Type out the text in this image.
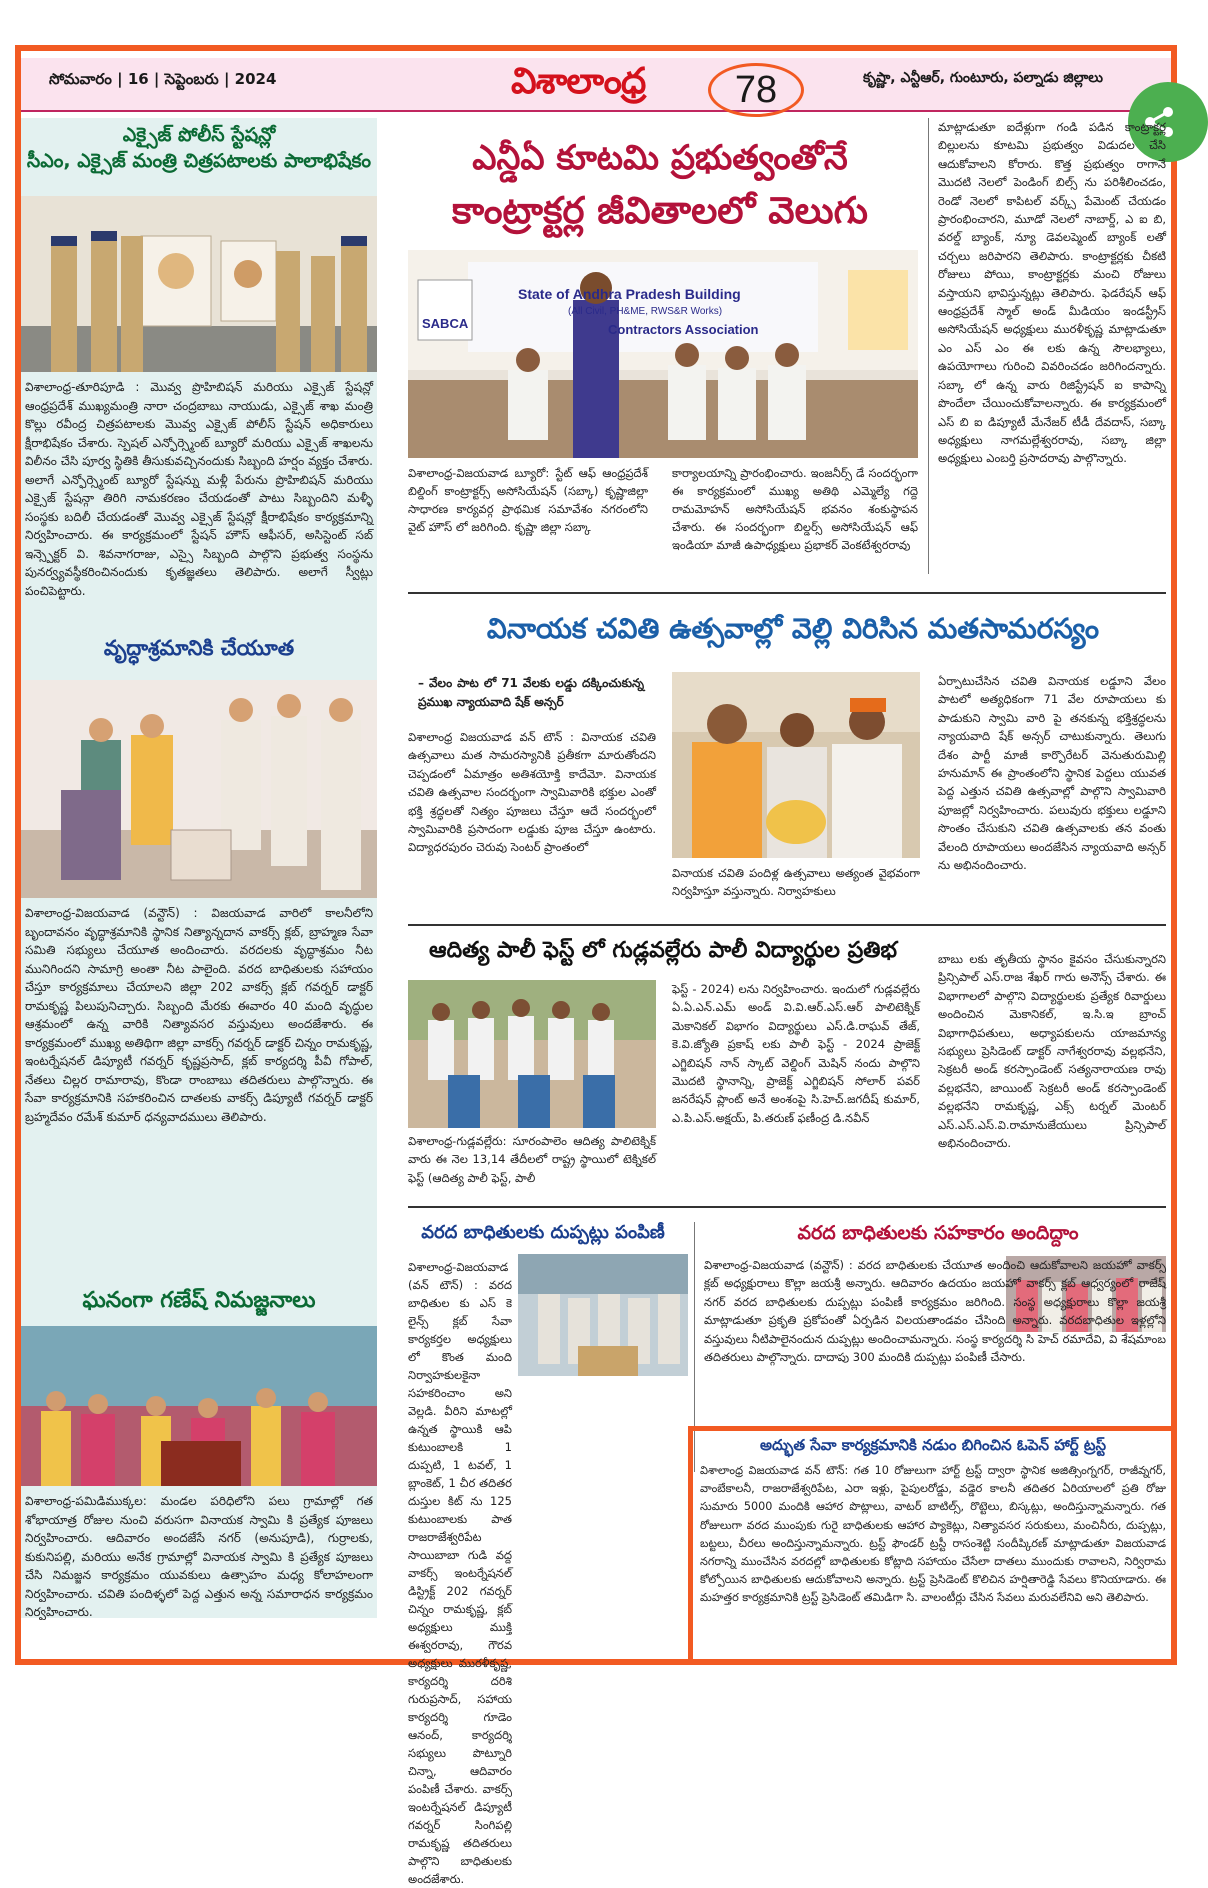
సోమవారం | 16 | సెప్టెంబరు | 2024	విశాలాంధ్ర	కృష్ణా, ఎన్టీఆర్, గుంటూరు, పల్నాడు జిల్లాలు
78
ఎక్సైజ్ పోలీస్ స్టేషన్లో
సీఎం, ఎక్సైజ్ మంత్రి చిత్రపటాలకు పాలాభిషేకం
విశాలాంధ్ర-తూరిపూడి : మొవ్వ ప్రొహిబిషన్ మరియు ఎక్సైజ్ స్టేషన్లో ఆంధ్రప్రదేశ్ ముఖ్యమంత్రి నారా చంద్రబాబు నాయుడు, ఎక్సైజ్ శాఖ మంత్రి కొల్లు రవీంద్ర చిత్రపటాలకు మొవ్వ ఎక్సైజ్ పోలీస్ స్టేషన్ అధికారులు క్షీరాభిషేకం చేశారు. స్పెషల్ ఎన్ఫోర్స్మెంట్ బ్యూరో మరియు ఎక్సైజ్ శాఖలను విలీనం చేసి పూర్వ స్థితికి తీసుకువచ్చినందుకు సిబ్బంది హర్షం వ్యక్తం చేశారు. అలాగే ఎన్ఫోర్స్మెంట్ బ్యూరో స్టేషన్ను మళ్లీ పేరును ప్రొహిబిషన్ మరియు ఎక్సైజ్ స్టేషన్గా తిరిగి నామకరణం చేయడంతో పాటు సిబ్బందిని మళ్ళీ సంస్థకు బదిలీ చేయడంతో మొవ్వ ఎక్సైజ్ స్టేషన్లో క్షీరాభిషేకం కార్యక్రమాన్ని నిర్వహించారు. ఈ కార్యక్రమంలో స్టేషన్ హౌస్ ఆఫీసర్, అసిస్టెంట్ సబ్ ఇన్స్పెక్టర్ వి. శివనాగరాజు, ఎస్సై సిబ్బంది పాల్గొని ప్రభుత్వ సంస్థను పునర్వ్యవస్థీకరించినందుకు కృతజ్ఞతలు తెలిపారు. అలాగే స్వీట్లు పంచిపెట్టారు.
వృద్ధాశ్రమానికి చేయూత
విశాలాంధ్ర-విజయవాడ (వన్టౌన్) : విజయవాడ వారిలో కాలనీలోని బృందావనం వృద్ధాశ్రమానికి స్థానిక నిత్యాన్నదాన వాకర్స్ క్లబ్, బ్రాహ్మణ సేవా సమితి సభ్యులు చేయూత అందించారు. వరదలకు వృద్ధాశ్రమం నీట మునిగిందని సామాగ్రి అంతా నీట పాలైంది. వరద బాధితులకు సహాయం చేస్తూ కార్యక్రమాలు చేయాలని జిల్లా 202 వాకర్స్ క్లబ్ గవర్నర్ డాక్టర్ రామకృష్ణ పిలుపునిచ్చారు. సిబ్బంది మేరకు ఈవారం 40 మంది వృద్ధుల ఆశ్రమంలో ఉన్న వారికి నిత్యావసర వస్తువులు అందజేశారు. ఈ కార్యక్రమంలో ముఖ్య అతిథిగా జిల్లా వాకర్స్ గవర్నర్ డాక్టర్ చిన్నం రామకృష్ణ, ఇంటర్నేషనల్ డిప్యూటీ గవర్నర్ కృష్ణప్రసాద్, క్లబ్ కార్యదర్శి పీవీ గోపాల్, నేతలు చిల్లర రామారావు, కొండా రాంబాబు తదితరులు పాల్గొన్నారు. ఈ సేవా కార్యక్రమానికి సహకరించిన దాతలకు వాకర్స్ డిప్యూటీ గవర్నర్ డాక్టర్ బ్రహ్మదేవం రమేశ్ కుమార్ ధన్యవాదములు తెలిపారు.
ఘనంగా గణేష్ నిమజ్జనాలు
విశాలాంధ్ర-పమిడిముక్కల: మండల పరిధిలోని పలు గ్రామాల్లో గత శోభాయాత్ర రోజుల నుంచి వరుసగా వినాయక స్వామి కి ప్రత్యేక పూజలు నిర్వహించారు. ఆదివారం అందజేసే నగర్ (అనుపూడి), గుర్రాలకు, కుకునిపల్లి, మరియు అనేక గ్రామాల్లో వినాయక స్వామి కి ప్రత్యేక పూజలు చేసి నిమజ్జన కార్యక్రమం యువకులు ఉత్సాహం మధ్య కోలాహలంగా నిర్వహించారు. చవితి పందిళ్ళలో పెద్ద ఎత్తున అన్న సమారాధన కార్యక్రమం నిర్వహించారు.
ఎన్డీఏ కూటమి ప్రభుత్వంతోనే
కాంట్రాక్టర్ల జీవితాలలో వెలుగు
State of Andhra Pradesh Building
(All Civil, PH&ME, RWS&R Works)
Contractors Association
SABCA
విశాలాంధ్ర-విజయవాడ బ్యూరో: స్టేట్ ఆఫ్ ఆంధ్రప్రదేశ్ బిల్డింగ్ కాంట్రాక్టర్స్ అసోసియేషన్ (సబ్కా) కృష్ణాజిల్లా సాధారణ కార్యవర్గ ప్రాథమిక సమావేశం నగరంలోని వైట్ హౌస్ లో జరిగింది. కృష్ణా జిల్లా సబ్కా
కార్యాలయాన్ని ప్రారంభించారు. ఇంజనీర్స్ డే సందర్భంగా ఈ కార్యక్రమంలో ముఖ్య అతిథి ఎమ్మెల్యే గద్దె రామమోహన్ అసోసియేషన్ భవనం శంకుస్థాపన చేశారు. ఈ సందర్భంగా బిల్డర్స్ అసోసియేషన్ ఆఫ్ ఇండియా మాజీ ఉపాధ్యక్షులు ప్రభాకర్ వెంకటేశ్వరరావు
మాట్లాడుతూ ఐదేళ్లుగా గండి పడిన కాంట్రాక్టర్ల బిల్లులను కూటమి ప్రభుత్వం విడుదల చేసి ఆదుకోవాలని కోరారు. కొత్త ప్రభుత్వం రాగానే మొదటి నెలలో పెండింగ్ బిల్స్ ను పరిశీలించడం, రెండో నెలలో కాపిటల్ వర్క్స్ పేమెంట్ చేయడం ప్రారంభించారని, మూడో నెలలో నాబార్డ్, ఎ ఐ బి, వరల్డ్ బ్యాంక్, న్యూ డెవలప్మెంట్ బ్యాంక్ లతో చర్చలు జరిపారని తెలిపారు. కాంట్రాక్టర్లకు చీకటి రోజులు పోయి, కాంట్రాక్టర్లకు మంచి రోజులు వస్తాయని భావిస్తున్నట్లు తెలిపారు. ఫెడరేషన్ ఆఫ్ ఆంధ్రప్రదేశ్ స్మాల్ అండ్ మీడియం ఇండస్ట్రీస్ అసోసియేషన్ అధ్యక్షులు మురళీకృష్ణ మాట్లాడుతూ ఎం ఎస్ ఎం ఈ లకు ఉన్న సౌలభ్యాలు, ఉపయోగాలు గురించి వివరించడం జరిగిందన్నారు. సబ్కా లో ఉన్న వారు రిజిస్ట్రేషన్ ఐ కాపాన్ని పొందేలా చేయించుకోవాలన్నారు. ఈ కార్యక్రమంలో ఎస్ బి ఐ డిప్యూటీ మేనేజర్ టీడీ దేవదాస్, సబ్కా అధ్యక్షులు నాగమల్లేశ్వరరావు, సబ్కా జిల్లా అధ్యక్షులు ఎంబర్తి ప్రసాదరావు పాల్గొన్నారు.
వినాయక చవితి ఉత్సవాల్లో వెల్లి విరిసిన మతసామరస్యం
– వేలం పాట లో 71 వేలకు లడ్డు దక్కించుకున్న ప్రముఖ న్యాయవాది షేక్ అన్సర్
విశాలాంధ్ర విజయవాడ వన్ టౌన్ : వినాయక చవితి ఉత్సవాలు మత సామరస్యానికి ప్రతీకగా మారుతోందని చెప్పడంలో ఏమాత్రం అతిశయోక్తి కాదేమో. వినాయక చవితి ఉత్సవాల సందర్భంగా స్వామివారికి భక్తుల ఎంతో భక్తి శ్రద్ధలతో నిత్యం పూజలు చేస్తూ ఆదే సందర్భంలో స్వామివారికి ప్రసాదంగా లడ్డుకు పూజ చేస్తూ ఉంటారు. విద్యాధరపురం చెరువు సెంటర్ ప్రాంతంలో
వినాయక చవితి పందిళ్ల ఉత్సవాలు అత్యంత వైభవంగా నిర్వహిస్తూ వస్తున్నారు. నిర్వాహకులు
ఏర్పాటుచేసిన చవితి వినాయక లడ్డూని వేలం పాటలో అత్యధికంగా 71 వేల రూపాయలు కు పాడుకుని స్వామి వారి పై తనకున్న భక్తిశ్రద్ధలను న్యాయవాది షేక్ అన్సర్ చాటుకున్నారు. తెలుగు దేశం పార్టీ మాజీ కార్పొరేటర్ వెనుతురుమిల్లి హనుమాన్ ఈ ప్రాంతంలోని స్థానిక పెద్దలు యువత పెద్ద ఎత్తున చవితి ఉత్సవాల్లో పాల్గొని స్వామివారి పూజల్లో నిర్వహించారు. పలువురు భక్తులు లడ్డూని సొంతం చేసుకుని చవితి ఉత్సవాలకు తన వంతు వేలంది రూపాయలు అందజేసిన న్యాయవాది అన్సర్ ను అభినందించారు.
ఆదిత్య పాలీ ఫెస్ట్ లో గుడ్లవల్లేరు పాలీ విద్యార్థుల ప్రతిభ
విశాలాంధ్ర-గుడ్లవల్లేరు: సూరంపాలెం ఆదిత్య పాలిటెక్నిక్ వారు ఈ నెల 13,14 తేదీలలో రాష్ట్ర స్థాయిలో టెక్నికల్ ఫెస్ట్ (ఆదిత్య పాలీ ఫెస్ట్, పాలీ
ఫెస్ట్ - 2024) లను నిర్వహించారు. ఇందులో గుడ్లవల్లేరు ఏ.ఏ.ఎన్.ఎమ్ అండ్ వి.వి.ఆర్.ఎస్.ఆర్ పాలిటెక్నిక్ మెకానికల్ విభాగం విద్యార్థులు ఎస్.డి.రాఘవ్ తేజ్, కె.వి.జ్యోతి ప్రకాష్ లకు పాలీ ఫెస్ట్ - 2024 ప్రాజెక్ట్ ఎగ్జిబిషన్ నాన్ స్కాట్ వెల్డింగ్ మెషిన్ నందు పాల్గొని మొదటి స్థానాన్ని, ప్రాజెక్ట్ ఎగ్జిబిషన్ సోలార్ పవర్ జనరేషన్ ప్లాంట్ అనే అంశంపై సి.హెచ్.జగదీష్ కుమార్, ఎ.పి.ఎస్.అక్షయ్, పి.తరుణ్ ఫణీంద్ర డి.నవీన్
బాబు లకు తృతీయ స్థానం కైవసం చేసుకున్నారని ప్రిన్సిపాల్ ఎస్.రాజ శేఖర్ గారు అనౌన్స్ చేశారు. ఈ విభాగాలలో పాల్గొని విద్యార్థులకు ప్రత్యేక రివార్డులు అందించిన మెకానికల్, ఇ.సి.ఇ బ్రాంచ్ విభాగాధిపతులు, అధ్యాపకులను యాజమాన్య సభ్యులు ప్రెసిడెంట్ డాక్టర్ నాగేశ్వరరావు వల్లభనేని, సెక్రటరీ అండ్ కరస్పాండెంట్ సత్యనారాయణ రావు వల్లభనేని, జాయింట్ సెక్రటరీ అండ్ కరస్పాండెంట్ వల్లభనేని రామకృష్ణ, ఎక్స్ టర్నల్ మెంటర్ ఎస్.ఎస్.ఎస్.వి.రామానుజేయులు ప్రిన్సిపాల్ అభినందించారు.
వరద బాధితులకు దుప్పట్లు పంపిణీ
విశాలాంధ్ర-విజయవాడ (వన్ టౌన్) : వరద బాధితుల కు ఎస్ కె లైన్స్ క్లబ్ సేవా కార్యకర్తల అధ్యక్షులు లో కొంత మంది నిర్వాహకులకైనా సహకరించాం అని వెల్లడి. వీరిని మాటల్లో ఉన్నత స్థాయికి ఆపి కుటుంబాలకి 1 దుప్పటి, 1 టవల్, 1 బ్లాంకెట్, 1 చీర తదితర దుస్తుల కిట్ ను 125 కుటుంబాలకు పాత రాజరాజేశ్వరిపేట సాయిబాబా గుడి వద్ద వాకర్స్ ఇంటర్నేషనల్ డిస్ట్రిక్ట్ 202 గవర్నర్ చిన్నం రామకృష్ణ, క్లబ్ అధ్యక్షులు ముక్తి ఈశ్వరరావు, గౌరవ అధ్యక్షులు మురళీకృష్ణ, కార్యదర్శి దరిశి గురుప్రసాద్, సహాయ కార్యదర్శి గూడెం ఆనంద్, కార్యదర్శి సభ్యులు పొట్నూరి చిన్నా, ఆదివారం పంపిణీ చేశారు. వాకర్స్ ఇంటర్నేషనల్ డిప్యూటీ గవర్నర్ సింగిపల్లి రామకృష్ణ తదితరులు పాల్గొని బాధితులకు అందజేశారు.
వరద బాధితులకు సహకారం అందిద్దాం
విశాలాంధ్ర-విజయవాడ (వన్టౌన్) : వరద బాధితులకు చేయూత అందించి ఆదుకోవాలని జయహో వాకర్స్ క్లబ్ అధ్యక్షురాలు కొల్లా జయశ్రీ అన్నారు. ఆదివారం ఉదయం జయహో వాకర్స్ క్లబ్ ఆధ్వర్యంలో రాజేష్ నగర్ వరద బాధితులకు దుప్పట్లు పంపిణీ కార్యక్రమం జరిగింది. సంస్థ అధ్యక్షురాలు కొల్లా జయశ్రీ మాట్లాడుతూ ప్రకృతి ప్రకోపంతో ఏర్పడిన విలయతాండవం చేసింది అన్నారు. వరదబాధితుల ఇళ్లల్లోని వస్తువులు నీటిపాలైనందున దుప్పట్లు అందించామన్నారు. సంస్థ కార్యదర్శి సి హెచ్ రమాదేవి, వి శేషమాంబ తదితరులు పాల్గొన్నారు. దాదాపు 300 మందికి దుప్పట్లు పంపిణీ చేసారు.
అద్భుత సేవా కార్యక్రమానికి నడుం బిగించిన ఓపెన్ హార్ట్ ట్రస్ట్
విశాలాంధ్ర విజయవాడ వన్ టౌన్: గత 10 రోజులుగా హార్ట్ ట్రస్ట్ ద్వారా స్థానిక అజిత్సింగ్నగర్, రాజీవ్నగర్, వాంబేకాలనీ, రాజరాజేశ్వరిపేట, ఎరా ఇళ్లు, పైపులరోడ్డు, వడ్డెర కాలనీ తదితర ఏరియాలలో ప్రతి రోజు సుమారు 5000 మందికి ఆహార పొట్లాలు, వాటర్ బాటిల్స్, రొట్టెలు, బిస్కట్లు, అందిస్తున్నామన్నారు. గత రోజులుగా వరద ముంపుకు గురై బాధితులకు ఆహార ప్యాకెట్లు, నిత్యావసర సరుకులు, మంచినీరు, దుప్పట్లు, బట్టలు, చీరలు అందిస్తున్నామన్నారు. ట్రస్ట్ ఫౌండర్ ట్రస్టీ రాసంశెట్టి సందీప్కిరణ్ మాట్లాడుతూ విజయవాడ నగరాన్ని ముంచేసిన వరదల్లో బాధితులకు కోట్లాది సహాయం చేసేలా దాతలు ముందుకు రావాలని, నిర్విరామ కోల్పోయిన బాధితులకు ఆదుకోవాలని అన్నారు. ట్రస్ట్ ప్రెసిడెంట్ కొలిచిన హర్షితారెడ్డి సేవలు కొనియాడారు. ఈ మహత్తర కార్యక్రమానికి ట్రస్ట్ ప్రెసిడెంట్ తమిడిగా సి. వాలంటీర్లు చేసిన సేవలు మరువలేనివి అని తెలిపారు.
